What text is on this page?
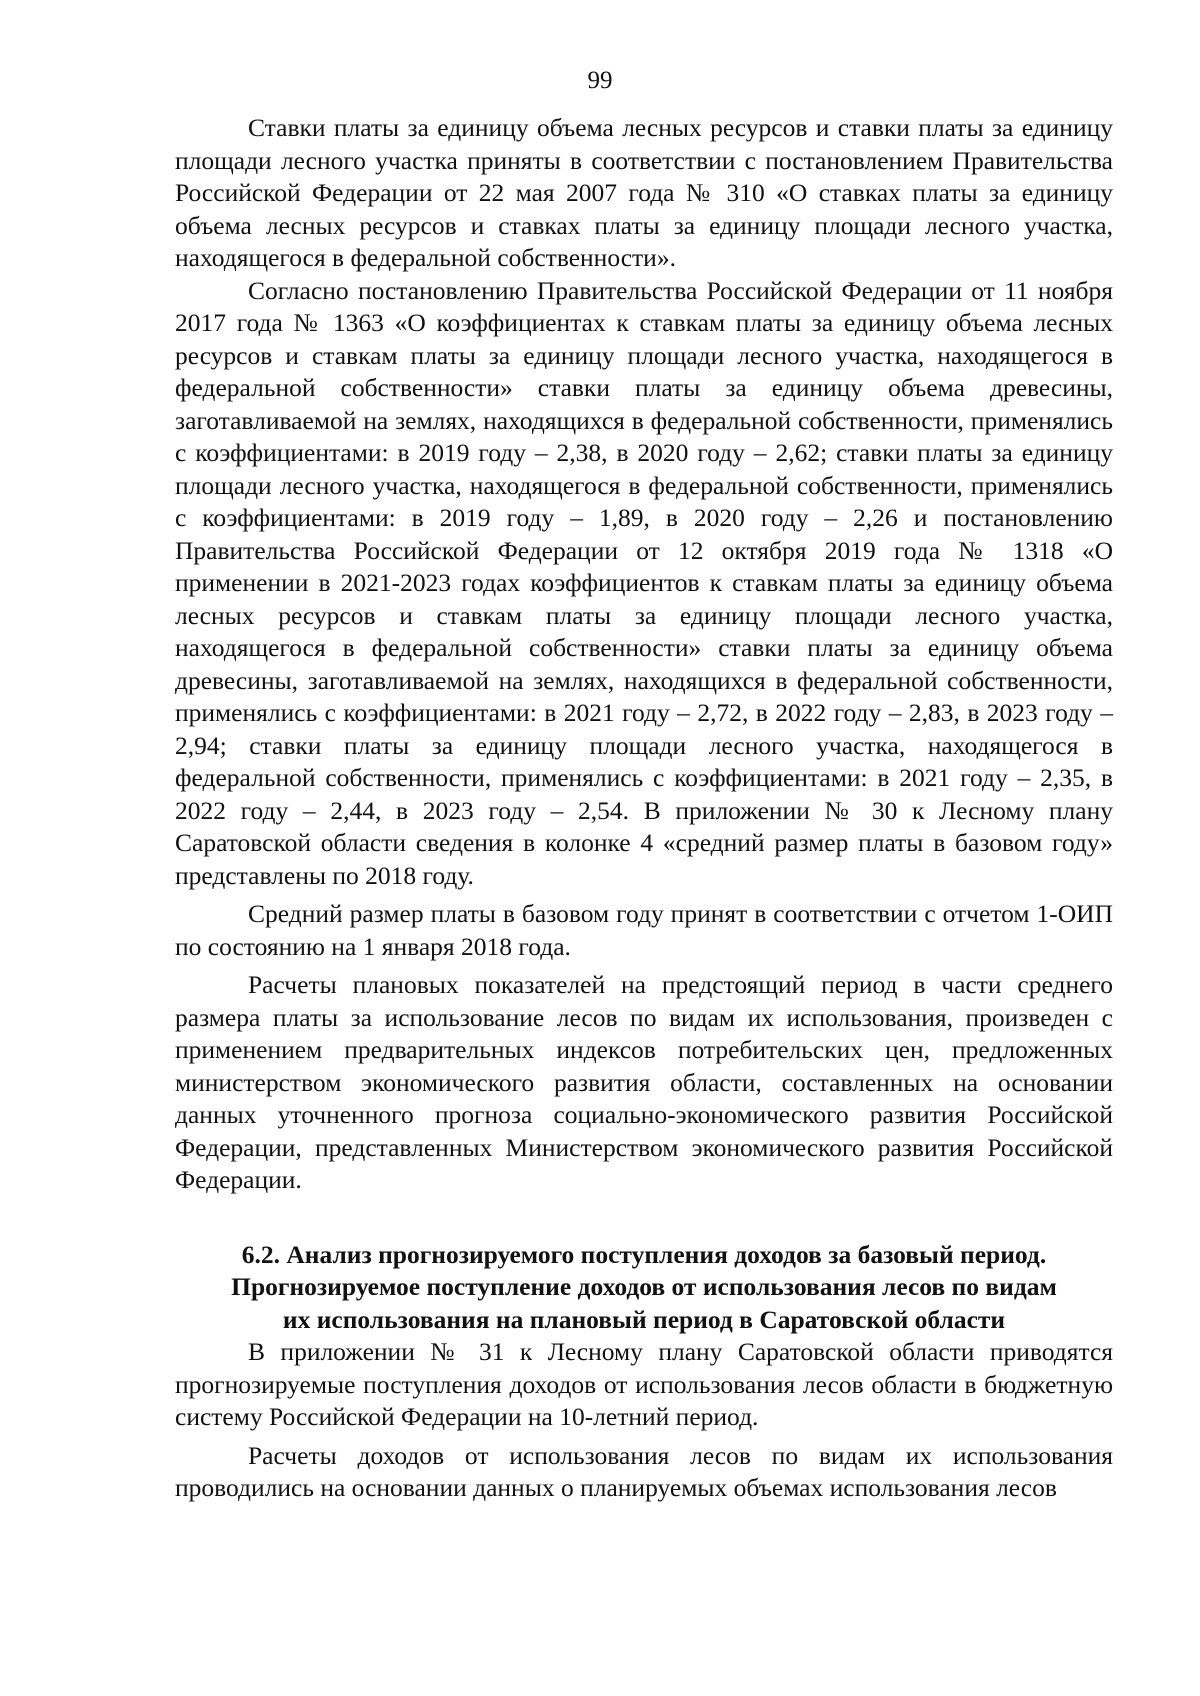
99

Ставки платы за единицу объема лесных ресурсов и ставки платы за единицу площади лесного участка приняты в соответствии с постановлением Правительства Российской Федерации от 22 мая 2007 года № 310 «О ставках платы за единицу объема лесных ресурсов и ставках платы за единицу площади лесного участка, находящегося в федеральной собственности».

Согласно постановлению Правительства Российской Федерации от 11 ноября 2017 года № 1363 «О коэффициентах к ставкам платы за единицу объема лесных ресурсов и ставкам платы за единицу площади лесного участка, находящегося в федеральной собственности» ставки платы за единицу объема древесины, заготавливаемой на землях, находящихся в федеральной собственности, применялись с коэффициентами: в 2019 году – 2,38, в 2020 году – 2,62; ставки платы за единицу площади лесного участка, находящегося в федеральной собственности, применялись с коэффициентами: в 2019 году – 1,89, в 2020 году – 2,26 и постановлению Правительства Российской Федерации от 12 октября 2019 года № 1318 «О применении в 2021-2023 годах коэффициентов к ставкам платы за единицу объема лесных ресурсов и ставкам платы за единицу площади лесного участка, находящегося в федеральной собственности» ставки платы за единицу объема древесины, заготавливаемой на землях, находящихся в федеральной собственности, применялись с коэффициентами: в 2021 году – 2,72, в 2022 году – 2,83, в 2023 году – 2,94; ставки платы за единицу площади лесного участка, находящегося в федеральной собственности, применялись с коэффициентами: в 2021 году – 2,35, в 2022 году – 2,44, в 2023 году – 2,54. В приложении № 30 к Лесному плану Саратовской области сведения в колонке 4 «средний размер платы в базовом году» представлены по 2018 году.

Средний размер платы в базовом году принят в соответствии с отчетом 1-ОИП по состоянию на 1 января 2018 года.

Расчеты плановых показателей на предстоящий период в части среднего размера платы за использование лесов по видам их использования, произведен с применением предварительных индексов потребительских цен, предложенных министерством экономического развития области, составленных на основании данных уточненного прогноза социально-экономического развития Российской Федерации, представленных Министерством экономического развития Российской Федерации.

6.2. Анализ прогнозируемого поступления доходов за базовый период.
Прогнозируемое поступление доходов от использования лесов по видам
их использования на плановый период в Саратовской области

В приложении № 31 к Лесному плану Саратовской области приводятся прогнозируемые поступления доходов от использования лесов области в бюджетную систему Российской Федерации на 10-летний период.

Расчеты доходов от использования лесов по видам их использования проводились на основании данных о планируемых объемах использования лесов
